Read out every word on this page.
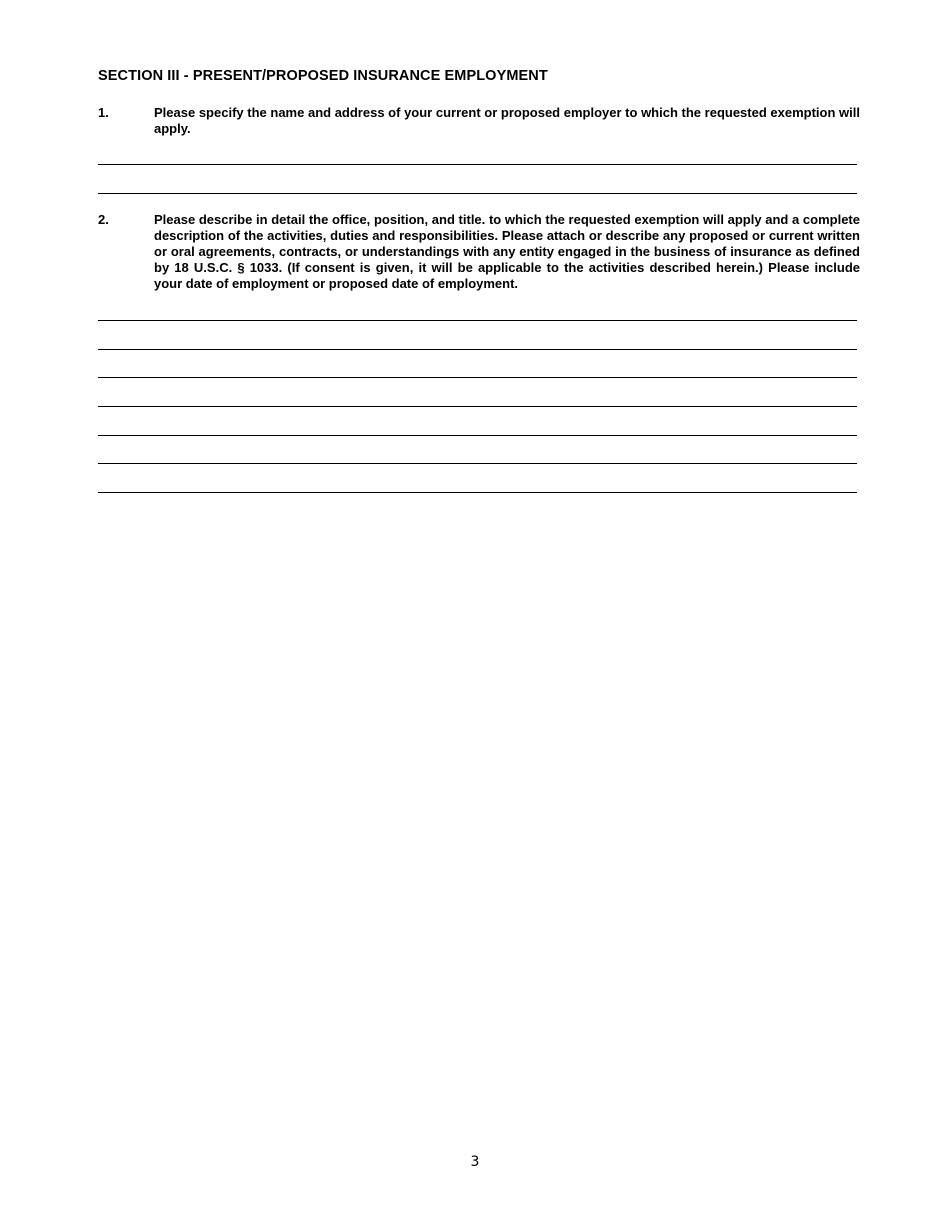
SECTION III - PRESENT/PROPOSED INSURANCE EMPLOYMENT
1.	Please specify the name and address of your current or proposed employer to which the requested exemption will apply.
2.	Please describe in detail the office, position, and title. to which the requested exemption will apply and a complete description of the activities, duties and responsibilities. Please attach or describe any proposed or current written or oral agreements, contracts, or understandings with any entity engaged in the business of insurance as defined by 18 U.S.C. § 1033. (If consent is given, it will be applicable to the activities described herein.) Please include your date of employment or proposed date of employment.
3
